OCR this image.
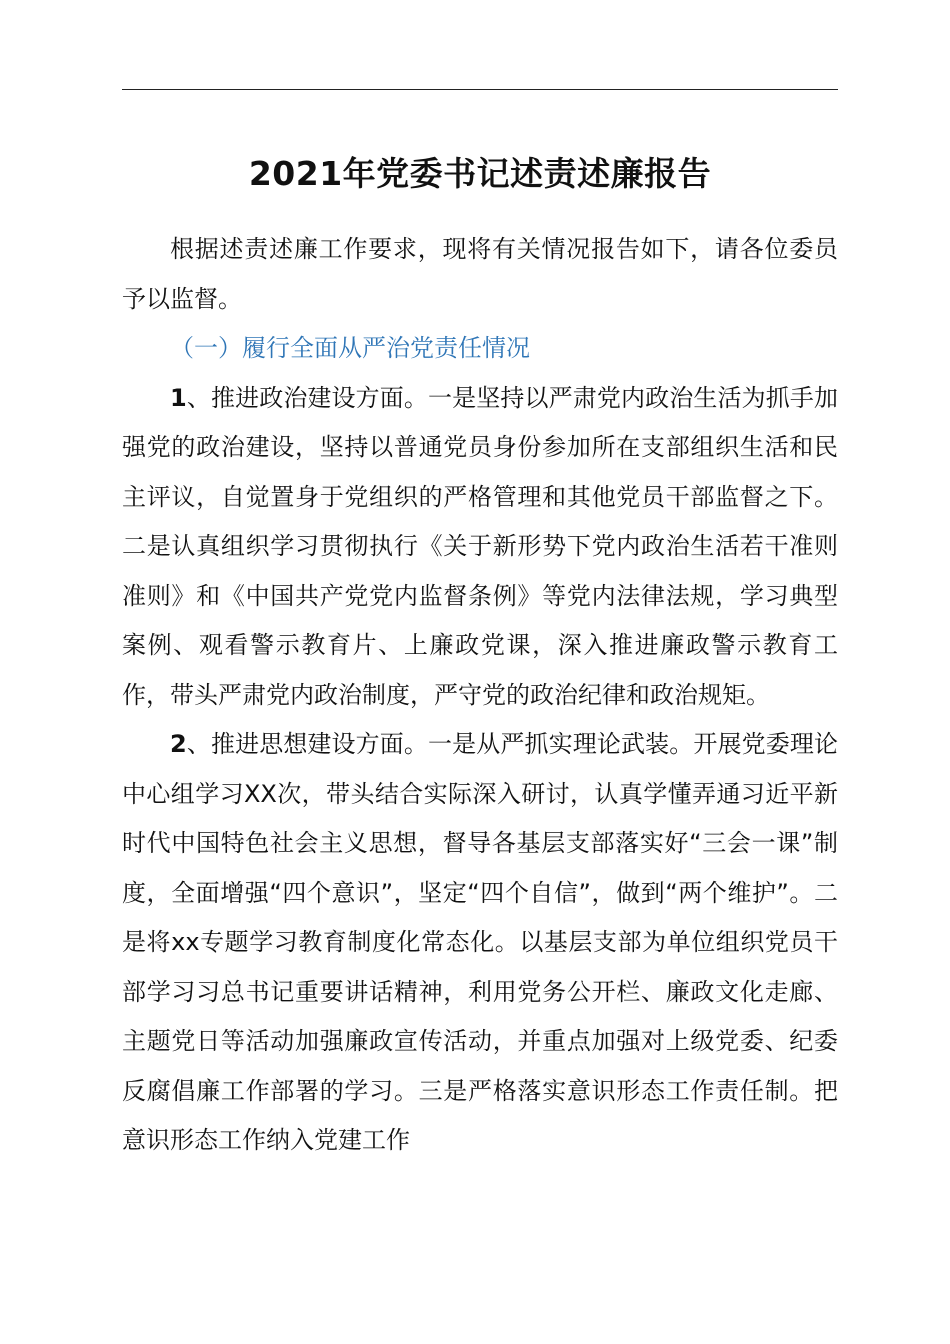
2021年党委书记述责述廉报告

根据述责述廉工作要求，现将有关情况报告如下，请各位委员予以监督。

（一）履行全面从严治党责任情况

1、推进政治建设方面。一是坚持以严肃党内政治生活为抓手加强党的政治建设，坚持以普通党员身份参加所在支部组织生活和民主评议，自觉置身于党组织的严格管理和其他党员干部监督之下。二是认真组织学习贯彻执行《关于新形势下党内政治生活若干准则准则》和《中国共产党党内监督条例》等党内法律法规，学习典型案例、观看警示教育片、上廉政党课，深入推进廉政警示教育工作，带头严肃党内政治制度，严守党的政治纪律和政治规矩。

2、推进思想建设方面。一是从严抓实理论武装。开展党委理论中心组学习XX次，带头结合实际深入研讨，认真学懂弄通习近平新时代中国特色社会主义思想，督导各基层支部落实好“三会一课”制度，全面增强“四个意识”，坚定“四个自信”，做到“两个维护”。二是将xx专题学习教育制度化常态化。以基层支部为单位组织党员干部学习习总书记重要讲话精神，利用党务公开栏、廉政文化走廊、主题党日等活动加强廉政宣传活动，并重点加强对上级党委、纪委反腐倡廉工作部署的学习。三是严格落实意识形态工作责任制。把意识形态工作纳入党建工作
